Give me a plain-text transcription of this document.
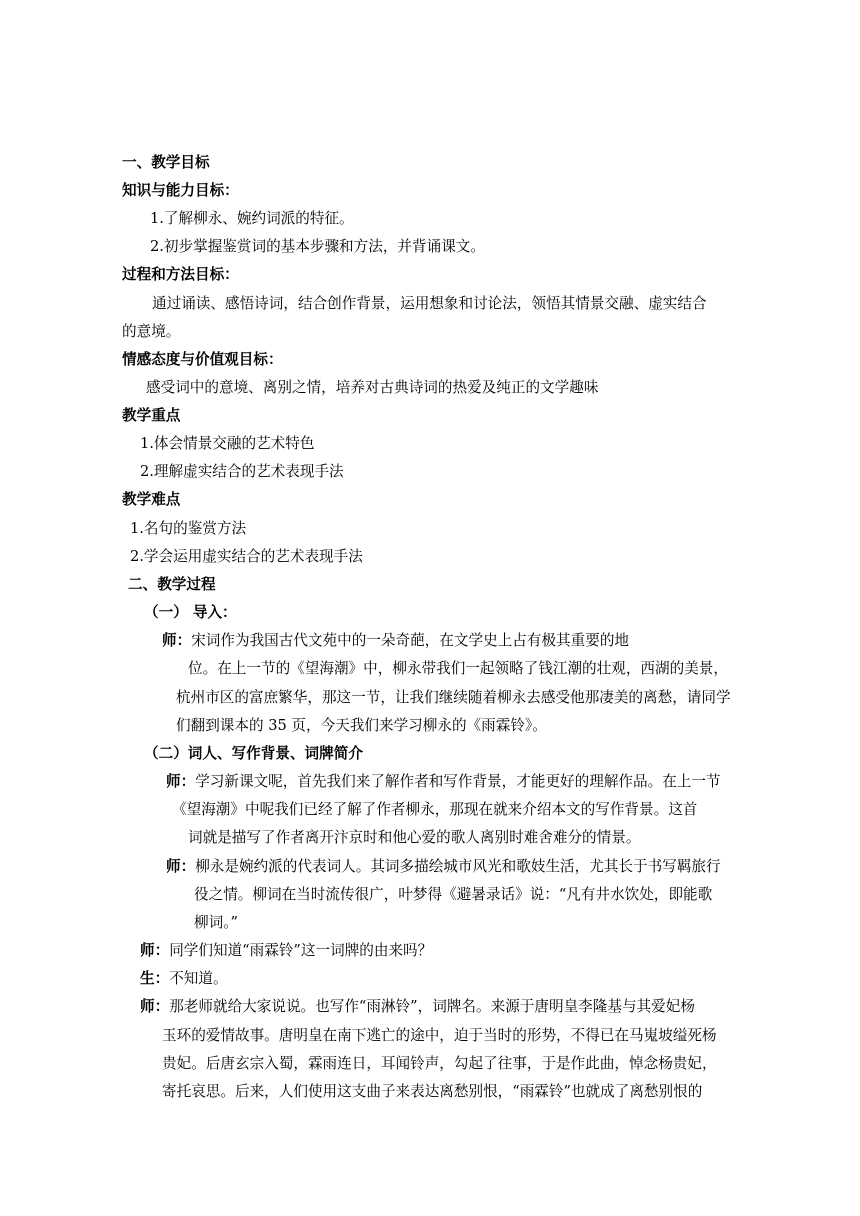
一、教学目标
知识与能力目标：
1.了解柳永、婉约词派的特征。
2.初步掌握鉴赏词的基本步骤和方法，并背诵课文。
过程和方法目标：
通过诵读、感悟诗词，结合创作背景，运用想象和讨论法，领悟其情景交融、虚实结合
的意境。
情感态度与价值观目标：
感受词中的意境、离别之情，培养对古典诗词的热爱及纯正的文学趣味
教学重点
1.体会情景交融的艺术特色
2.理解虚实结合的艺术表现手法
教学难点
1.名句的鉴赏方法
2.学会运用虚实结合的艺术表现手法
二、教学过程
（一） 导入：
师：宋词作为我国古代文苑中的一朵奇葩，在文学史上占有极其重要的地
位。在上一节的《望海潮》中，柳永带我们一起领略了钱江潮的壮观，西湖的美景，
杭州市区的富庶繁华，那这一节，让我们继续随着柳永去感受他那凄美的离愁，请同学
们翻到课本的 35 页，今天我们来学习柳永的《雨霖铃》。
（二）词人、写作背景、词牌简介
师：学习新课文呢，首先我们来了解作者和写作背景，才能更好的理解作品。在上一节
《望海潮》中呢我们已经了解了作者柳永，那现在就来介绍本文的写作背景。这首
词就是描写了作者离开汴京时和他心爱的歌人离别时难舍难分的情景。
师：柳永是婉约派的代表词人。其词多描绘城市风光和歌妓生活，尤其长于书写羁旅行
役之情。柳词在当时流传很广，叶梦得《避暑录话》说：“凡有井水饮处，即能歌
柳词。”
师：同学们知道“雨霖铃”这一词牌的由来吗？
生：不知道。
师：那老师就给大家说说。也写作“雨淋铃”，词牌名。来源于唐明皇李隆基与其爱妃杨
玉环的爱情故事。唐明皇在南下逃亡的途中，迫于当时的形势，不得已在马嵬坡缢死杨
贵妃。后唐玄宗入蜀，霖雨连日，耳闻铃声，勾起了往事，于是作此曲，悼念杨贵妃，
寄托哀思。后来，人们使用这支曲子来表达离愁别恨，“雨霖铃”也就成了离愁别恨的
